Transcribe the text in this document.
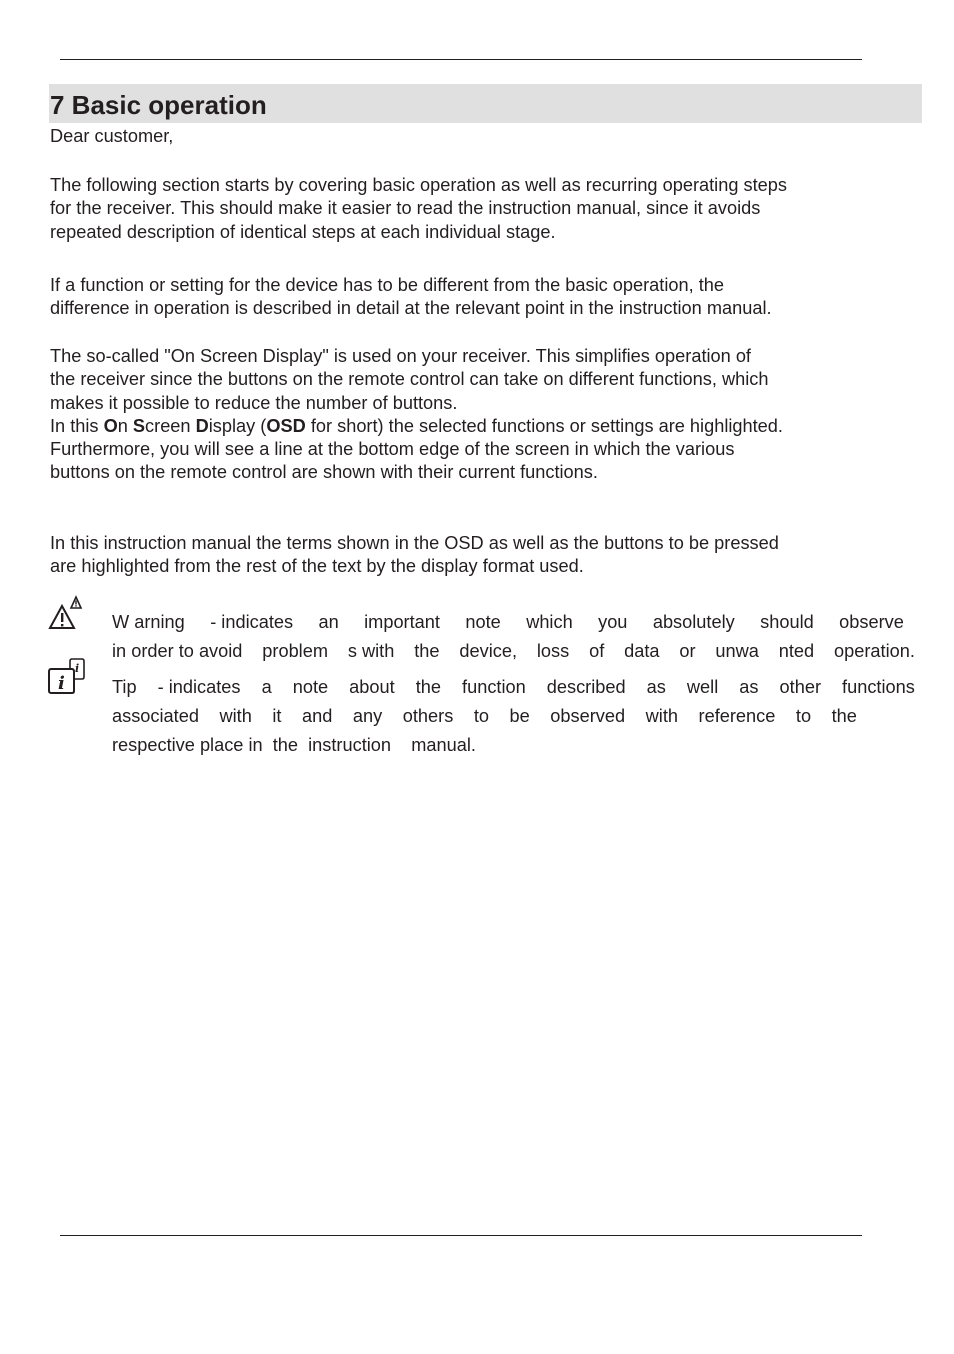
7 Basic operation

Dear customer,

The following section starts by covering basic operation as well as recurring operating steps
for the receiver. This should make it easier to read the instruction manual, since it avoids
repeated description of identical steps at each individual stage.

If a function or setting for the device has to be different from the basic operation, the
difference in operation is described in detail at the relevant point in the instruction manual.

The so-called "On Screen Display" is used on your receiver. This simplifies operation of
the receiver since the buttons on the remote control can take on different functions, which
makes it possible to reduce the number of buttons.
In this On Screen Display (OSD for short) the selected functions or settings are highlighted.
Furthermore, you will see a line at the bottom edge of the screen in which the various
buttons on the remote control are shown with their current functions.

In this instruction manual the terms shown in the OSD as well as the buttons to be pressed
are highlighted from the rest of the text by the display format used.

W arning - indicates an important note which you absolutely should observe
in order to avoid problem s with the device, loss of data or unwa nted operation.
i
i
Tip - indicates a note about the function described as well as other functions
associated with it and any others to be observed with reference to the
respective place in  the  instruction    manual.
